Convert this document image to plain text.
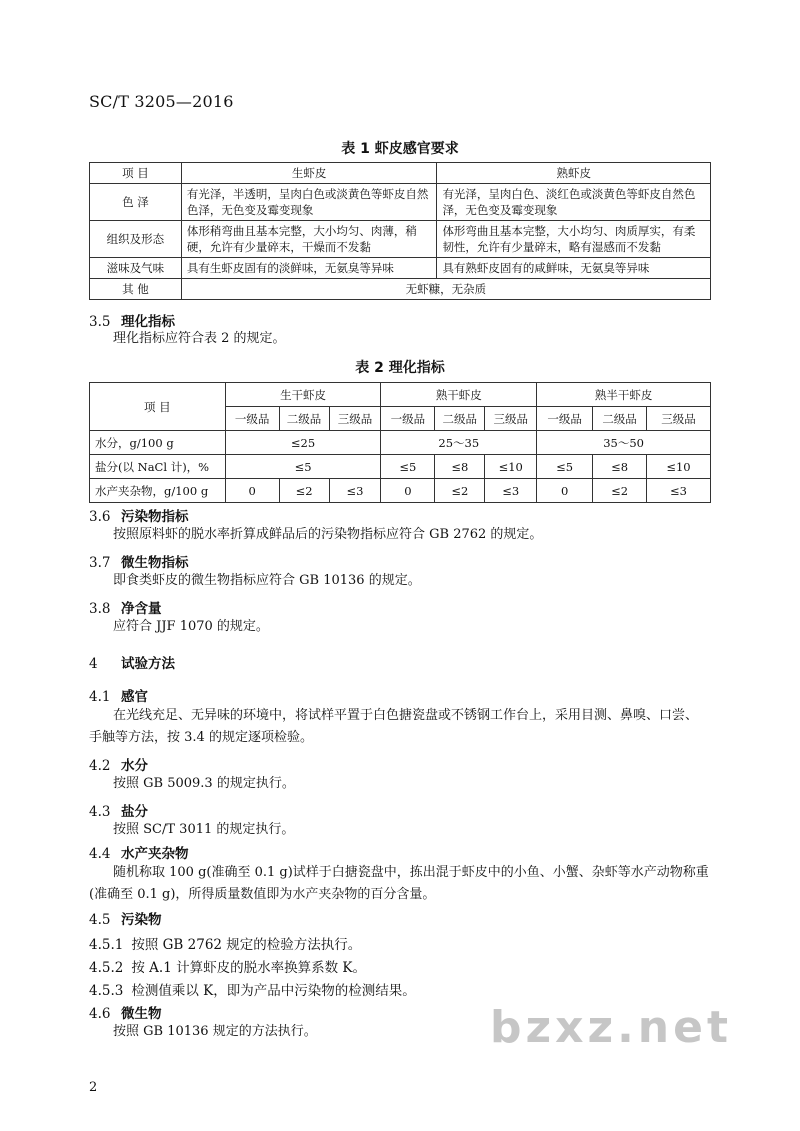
SC/T 3205—2016
表 1 虾皮感官要求
项 目	生虾皮	熟虾皮
色 泽	有光泽，半透明，呈肉白色或淡黄色等虾皮自然色泽，无色变及霉变现象	有光泽，呈肉白色、淡红色或淡黄色等虾皮自然色泽，无色变及霉变现象
组织及形态	体形稍弯曲且基本完整，大小均匀、肉薄，稍硬，允许有少量碎末，干燥而不发黏	体形弯曲且基本完整，大小均匀、肉质厚实，有柔韧性，允许有少量碎末，略有湿感而不发黏
滋味及气味	具有生虾皮固有的淡鲜味，无氨臭等异味	具有熟虾皮固有的咸鲜味，无氨臭等异味
其 他	无虾糠，无杂质	
3.5 理化指标
理化指标应符合表 2 的规定。
表 2 理化指标
项 目	生干虾皮			熟干虾皮			熟半干虾皮		
	一级品	二级品	三级品	一级品	二级品	三级品	一级品	二级品	三级品
水分，g/100 g	≤25			25～35			35～50		
盐分(以 NaCl 计)，%	≤5			≤5	≤8	≤10	≤5	≤8	≤10
水产夹杂物，g/100 g	0	≤2	≤3	0	≤2	≤3	0	≤2	≤3
3.6 污染物指标
按照原料虾的脱水率折算成鲜品后的污染物指标应符合 GB 2762 的规定。
3.7 微生物指标
即食类虾皮的微生物指标应符合 GB 10136 的规定。
3.8 净含量
应符合 JJF 1070 的规定。
4 试验方法
4.1 感官
在光线充足、无异味的环境中，将试样平置于白色搪瓷盘或不锈钢工作台上，采用目测、鼻嗅、口尝、手触等方法，按 3.4 的规定逐项检验。
4.2 水分
按照 GB 5009.3 的规定执行。
4.3 盐分
按照 SC/T 3011 的规定执行。
4.4 水产夹杂物
随机称取 100 g(准确至 0.1 g)试样于白搪瓷盘中，拣出混于虾皮中的小鱼、小蟹、杂虾等水产动物称重(准确至 0.1 g)，所得质量数值即为水产夹杂物的百分含量。
4.5 污染物
4.5.1 按照 GB 2762 规定的检验方法执行。
4.5.2 按 A.1 计算虾皮的脱水率换算系数 K。
4.5.3 检测值乘以 K，即为产品中污染物的检测结果。
4.6 微生物
按照 GB 10136 规定的方法执行。	bzxz.net
2
